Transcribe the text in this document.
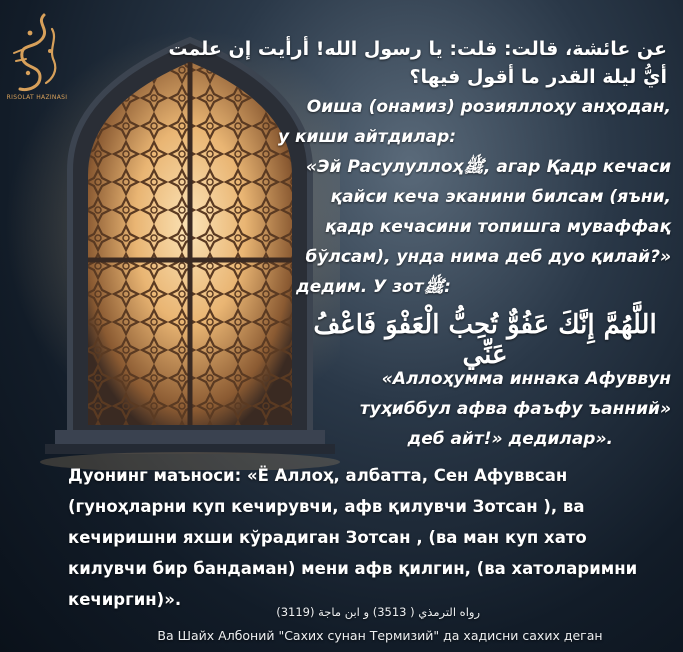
RISOLAT HAZINASI
عن عائشة، قالت: قلت: يا رسول الله! أرأيت إن علمت
أيُّ ليلة القدر ما أقول فيها؟
Оиша (онамиз) розияллоҳу анҳодан,
у киши айтдилар:
«Эй Расулуллоҳﷺ, агар Қадр кечаси
қайси кеча эканини билсам (яъни,
қадр кечасини топишга муваффақ
бўлсам), унда нима деб дуо қилай?»
дедим. У зотﷺ:
اللَّهُمَّ إِنَّكَ عَفُوٌّ تُحِبُّ الْعَفْوَ فَاعْفُ عَنِّي
«Аллоҳумма иннака Афуввун
туҳиббул афва фаъфу ъанний»
деб айт!» дедилар».
Дуонинг маъноси: «Ё Аллоҳ, албатта, Сен Афуввсан
(гуноҳларни куп кечирувчи, афв қилувчи Зотсан ), ва
кечиришни яхши кўрадиган Зотсан , (ва ман куп хато
килувчи бир бандаман) мени афв қилгин, (ва хатоларимни
кечиргин)».
رواه الترمذي ( 3513) و ابن ماجة (3119)
Ва Шайх Албоний "Сахих сунан Термизий" да хадисни сахих деган
